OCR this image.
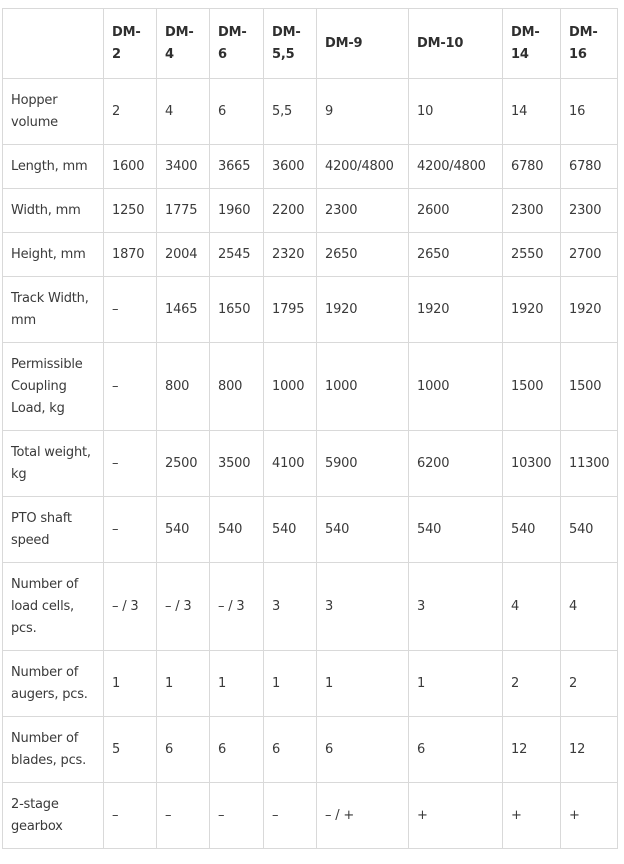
	DM-2	DM-4	DM-6	DM-5,5	DM-9	DM-10	DM-14	DM-16
Hopper volume	2	4	6	5,5	9	10	14	16
Length, mm	1600	3400	3665	3600	4200/4800	4200/4800	6780	6780
Width, mm	1250	1775	1960	2200	2300	2600	2300	2300
Height, mm	1870	2004	2545	2320	2650	2650	2550	2700
Track Width, mm	–	1465	1650	1795	1920	1920	1920	1920
Permissible Coupling Load, kg	–	800	800	1000	1000	1000	1500	1500
Total weight, kg	–	2500	3500	4100	5900	6200	10300	11300
PTO shaft speed	–	540	540	540	540	540	540	540
Number of load cells, pcs.	– / 3	– / 3	– / 3	3	3	3	4	4
Number of augers, pcs.	1	1	1	1	1	1	2	2
Number of blades, pcs.	5	6	6	6	6	6	12	12
2-stage gearbox	–	–	–	–	– / +	+	+	+
